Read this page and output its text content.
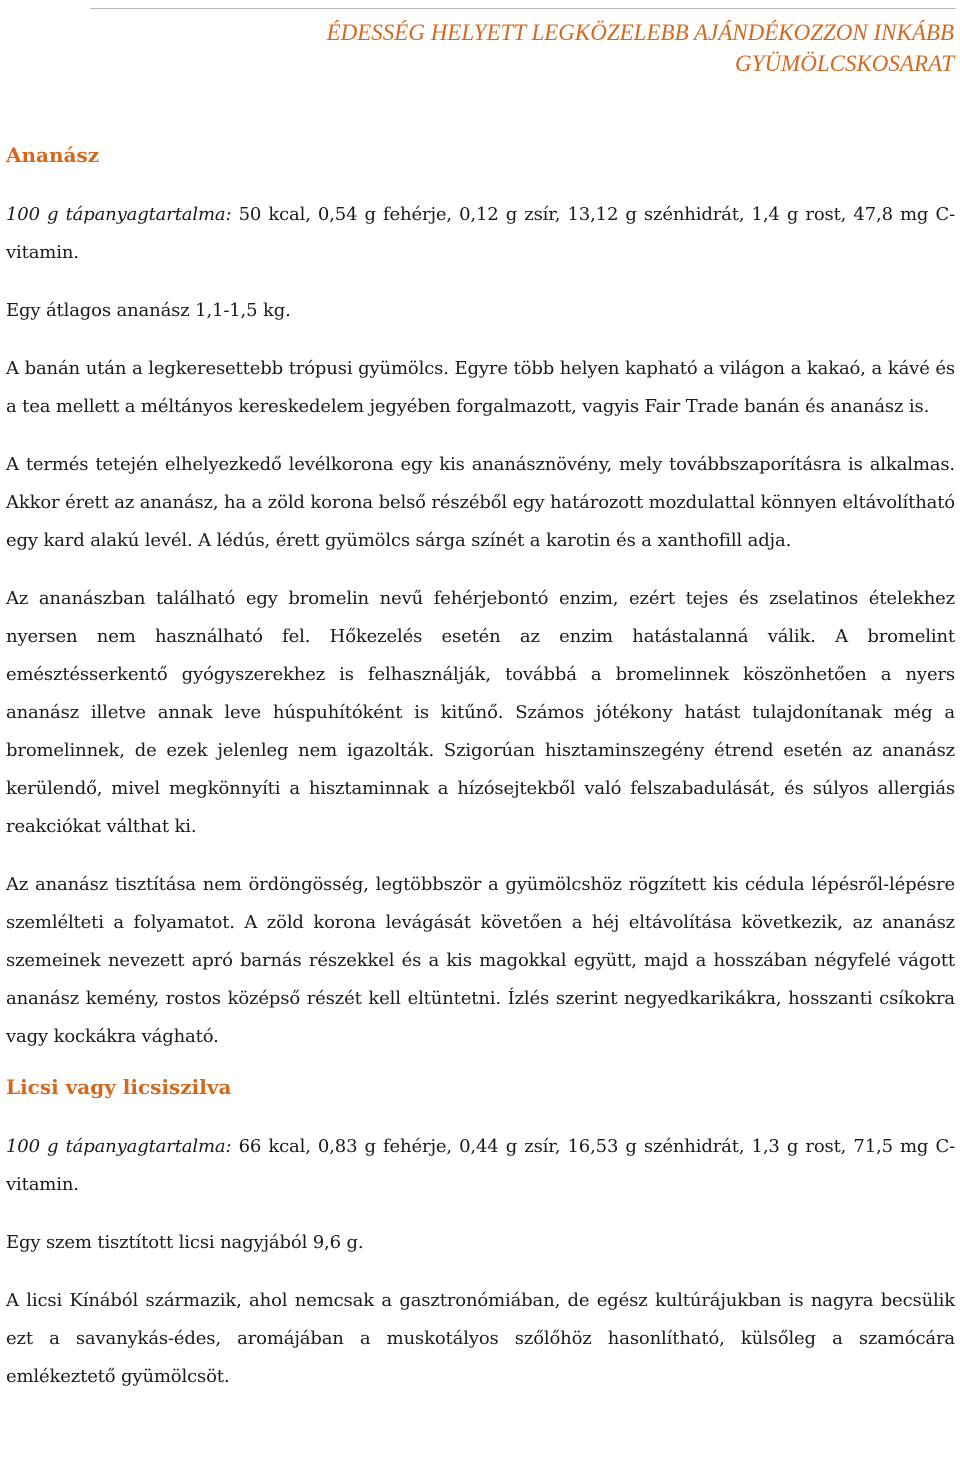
ÉDESSÉG HELYETT LEGKÖZELEBB AJÁNDÉKOZZON INKÁBB
GYÜMÖLCSKOSARAT
Ananász

100 g tápanyagtartalma: 50 kcal, 0,54 g fehérje, 0,12 g zsír, 13,12 g szénhidrát, 1,4 g rost, 47,8 mg C-vitamin.

Egy átlagos ananász 1,1-1,5 kg.

A banán után a legkeresettebb trópusi gyümölcs. Egyre több helyen kapható a világon a kakaó, a kávé és a tea mellett a méltányos kereskedelem jegyében forgalmazott, vagyis Fair Trade banán és ananász is.

A termés tetején elhelyezkedő levélkorona egy kis ananásznövény, mely továbbszaporításra is alkalmas. Akkor érett az ananász, ha a zöld korona belső részéből egy határozott mozdulattal könnyen eltávolítható egy kard alakú levél. A lédús, érett gyümölcs sárga színét a karotin és a xanthofill adja.

Az ananászban található egy bromelin nevű fehérjebontó enzim, ezért tejes és zselatinos ételekhez nyersen nem használható fel. Hőkezelés esetén az enzim hatástalanná válik. A bromelint emésztésserkentő gyógyszerekhez is felhasználják, továbbá a bromelinnek köszönhetően a nyers ananász illetve annak leve húspuhítóként is kitűnő. Számos jótékony hatást tulajdonítanak még a bromelinnek, de ezek jelenleg nem igazolták. Szigorúan hisztaminszegény étrend esetén az ananász kerülendő, mivel megkönnyíti a hisztaminnak a hízósejtekből való felszabadulását, és súlyos allergiás reakciókat válthat ki.

Az ananász tisztítása nem ördöngösség, legtöbbször a gyümölcshöz rögzített kis cédula lépésről-lépésre szemlélteti a folyamatot. A zöld korona levágását követően a héj eltávolítása következik, az ananász szemeinek nevezett apró barnás részekkel és a kis magokkal együtt, majd a hosszában négyfelé vágott ananász kemény, rostos középső részét kell eltüntetni. Ízlés szerint negyedkarikákra, hosszanti csíkokra vagy kockákra vágható.

Licsi vagy licsiszilva

100 g tápanyagtartalma: 66 kcal, 0,83 g fehérje, 0,44 g zsír, 16,53 g szénhidrát, 1,3 g rost, 71,5 mg C-vitamin.

Egy szem tisztított licsi nagyjából 9,6 g.

A licsi Kínából származik, ahol nemcsak a gasztronómiában, de egész kultúrájukban is nagyra becsülik ezt a savanykás-édes, aromájában a muskotályos szőlőhöz hasonlítható, külsőleg a szamócára emlékeztető gyümölcsöt.
